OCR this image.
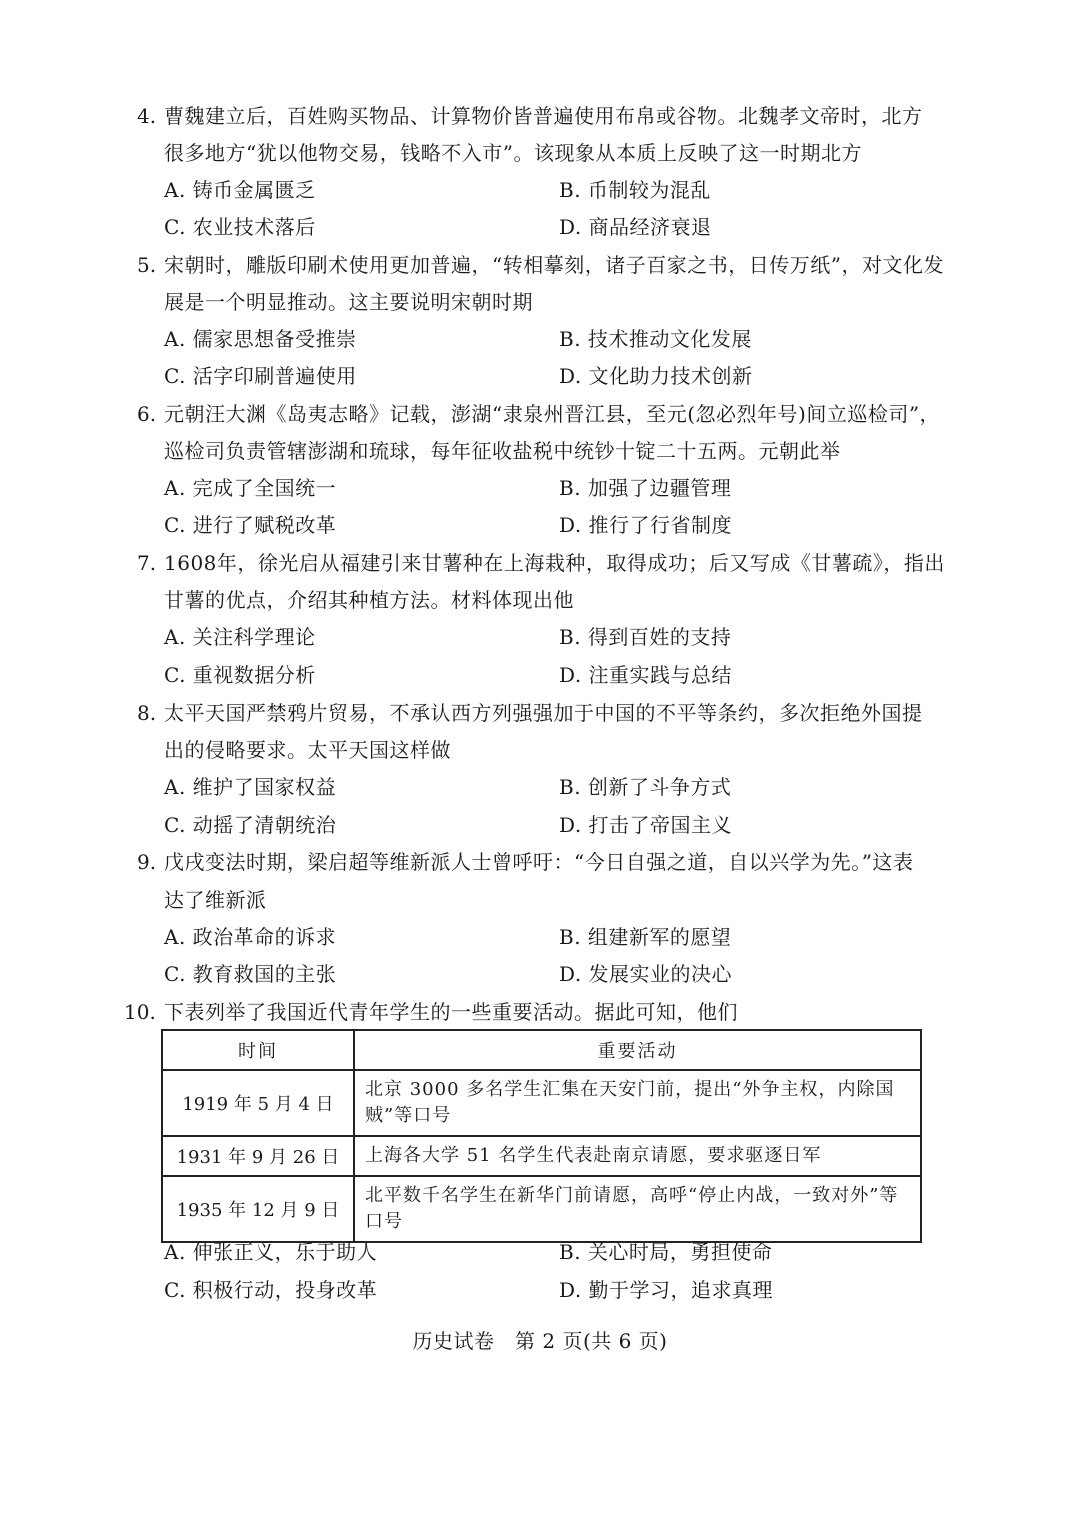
4. 曹魏建立后，百姓购买物品、计算物价皆普遍使用布帛或谷物。北魏孝文帝时，北方
很多地方“犹以他物交易，钱略不入市”。该现象从本质上反映了这一时期北方
A. 铸币金属匮乏	B. 币制较为混乱
C. 农业技术落后	D. 商品经济衰退
5. 宋朝时，雕版印刷术使用更加普遍，“转相摹刻，诸子百家之书，日传万纸”，对文化发
展是一个明显推动。这主要说明宋朝时期
A. 儒家思想备受推崇	B. 技术推动文化发展
C. 活字印刷普遍使用	D. 文化助力技术创新
6. 元朝汪大渊《岛夷志略》记载，澎湖“隶泉州晋江县，至元(忽必烈年号)间立巡检司”，
巡检司负责管辖澎湖和琉球，每年征收盐税中统钞十锭二十五两。元朝此举
A. 完成了全国统一	B. 加强了边疆管理
C. 进行了赋税改革	D. 推行了行省制度
7. 1608年，徐光启从福建引来甘薯种在上海栽种，取得成功；后又写成《甘薯疏》，指出
甘薯的优点，介绍其种植方法。材料体现出他
A. 关注科学理论	B. 得到百姓的支持
C. 重视数据分析	D. 注重实践与总结
8. 太平天国严禁鸦片贸易，不承认西方列强强加于中国的不平等条约，多次拒绝外国提
出的侵略要求。太平天国这样做
A. 维护了国家权益	B. 创新了斗争方式
C. 动摇了清朝统治	D. 打击了帝国主义
9. 戊戌变法时期，梁启超等维新派人士曾呼吁：“今日自强之道，自以兴学为先。”这表
达了维新派
A. 政治革命的诉求	B. 组建新军的愿望
C. 教育救国的主张	D. 发展实业的决心
10. 下表列举了我国近代青年学生的一些重要活动。据此可知，他们
时间	重要活动
1919 年 5 月 4 日	北京 3000 多名学生汇集在天安门前，提出“外争主权，内除国贼”等口号
1931 年 9 月 26 日	上海各大学 51 名学生代表赴南京请愿，要求驱逐日军
1935 年 12 月 9 日	北平数千名学生在新华门前请愿，高呼“停止内战，一致对外”等口号
A. 伸张正义，乐于助人	B. 关心时局，勇担使命
C. 积极行动，投身改革	D. 勤于学习，追求真理
历史试卷　第 2 页(共 6 页)
